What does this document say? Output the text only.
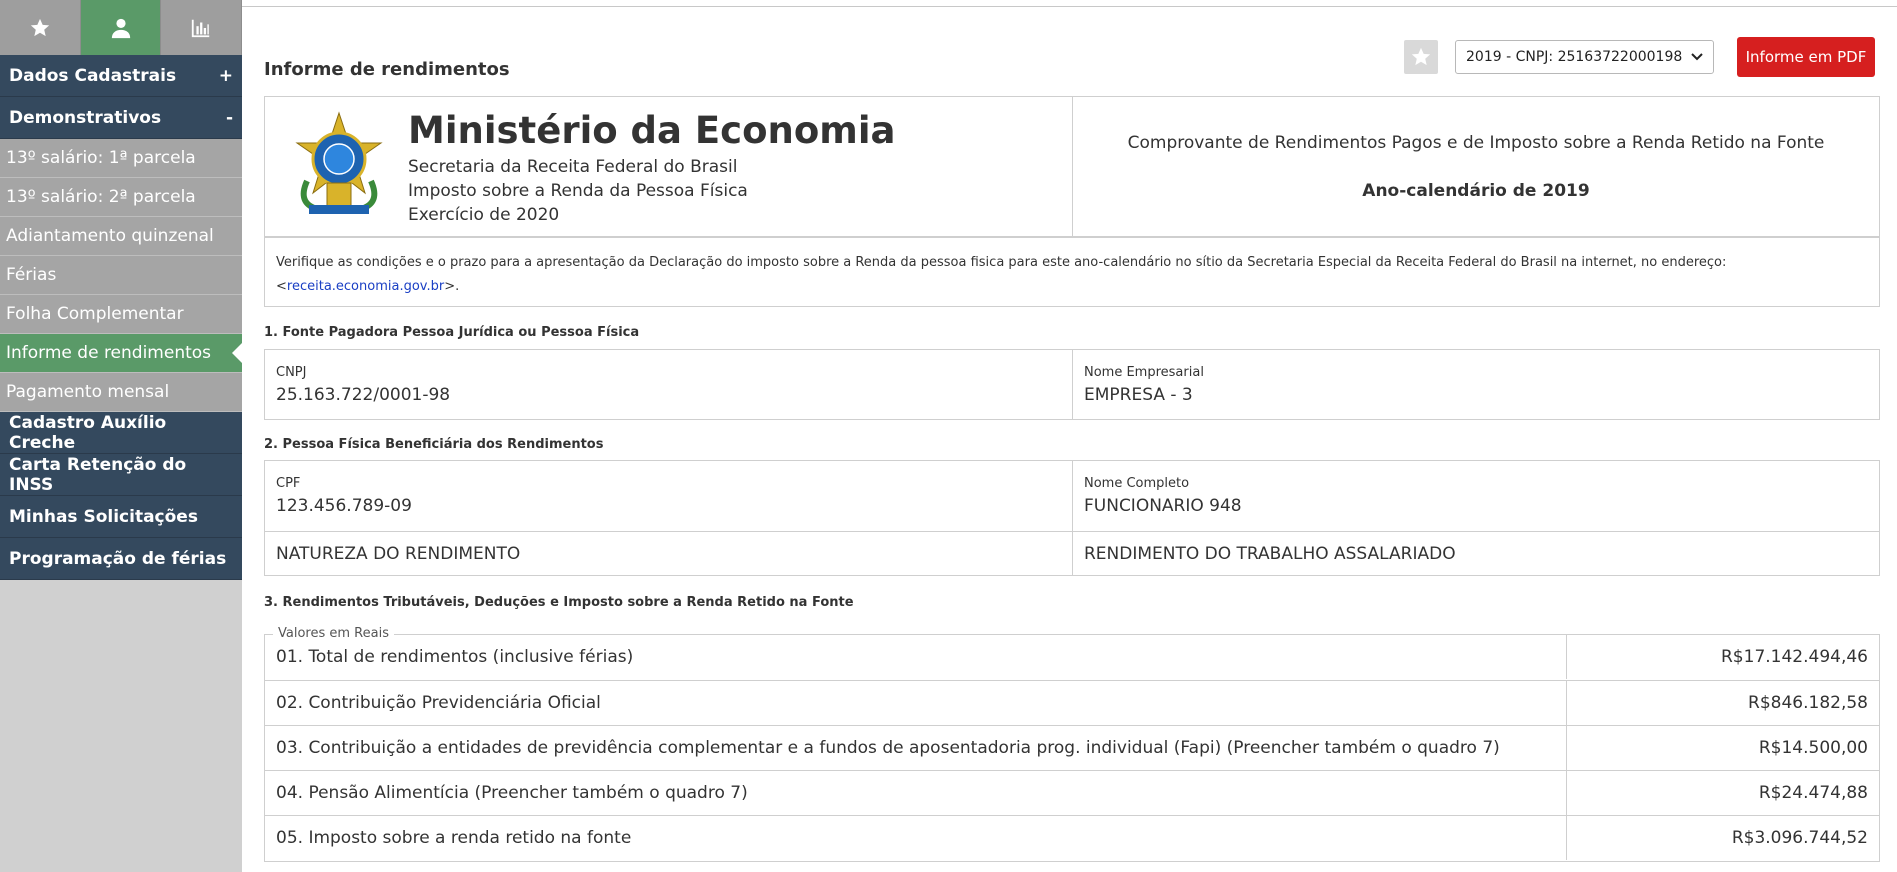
Dados Cadastrais	+
Demonstrativos	-
13º salário: 1ª parcela
13º salário: 2ª parcela
Adiantamento quinzenal
Férias
Folha Complementar
Informe de rendimentos
Pagamento mensal
Cadastro Auxílio Creche
Carta Retenção do INSS
Minhas Solicitações
Programação de férias
Informe de rendimentos
2019 - CNPJ: 25163722000198	Informe em PDF
Ministério da Economia
Secretaria da Receita Federal do Brasil
Imposto sobre a Renda da Pessoa Física
Exercício de 2020
Comprovante de Rendimentos Pagos e de Imposto sobre a Renda Retido na Fonte
Ano-calendário de 2019
Verifique as condições e o prazo para a apresentação da Declaração do imposto sobre a Renda da pessoa fisica para este ano-calendário no sítio da Secretaria Especial da Receita Federal do Brasil na internet, no endereço:
<receita.economia.gov.br>.
1. Fonte Pagadora Pessoa Jurídica ou Pessoa Física
CNPJ
25.163.722/0001-98
Nome Empresarial
EMPRESA - 3
2. Pessoa Física Beneficiária dos Rendimentos
CPF
123.456.789-09
Nome Completo
FUNCIONARIO 948
NATUREZA DO RENDIMENTO	RENDIMENTO DO TRABALHO ASSALARIADO
3. Rendimentos Tributáveis, Deduções e Imposto sobre a Renda Retido na Fonte
Valores em Reais
01. Total de rendimentos (inclusive férias)	R$17.142.494,46
02. Contribuição Previdenciária Oficial	R$846.182,58
03. Contribuição a entidades de previdência complementar e a fundos de aposentadoria prog. individual (Fapi) (Preencher também o quadro 7)	R$14.500,00
04. Pensão Alimentícia (Preencher também o quadro 7)	R$24.474,88
05. Imposto sobre a renda retido na fonte	R$3.096.744,52
